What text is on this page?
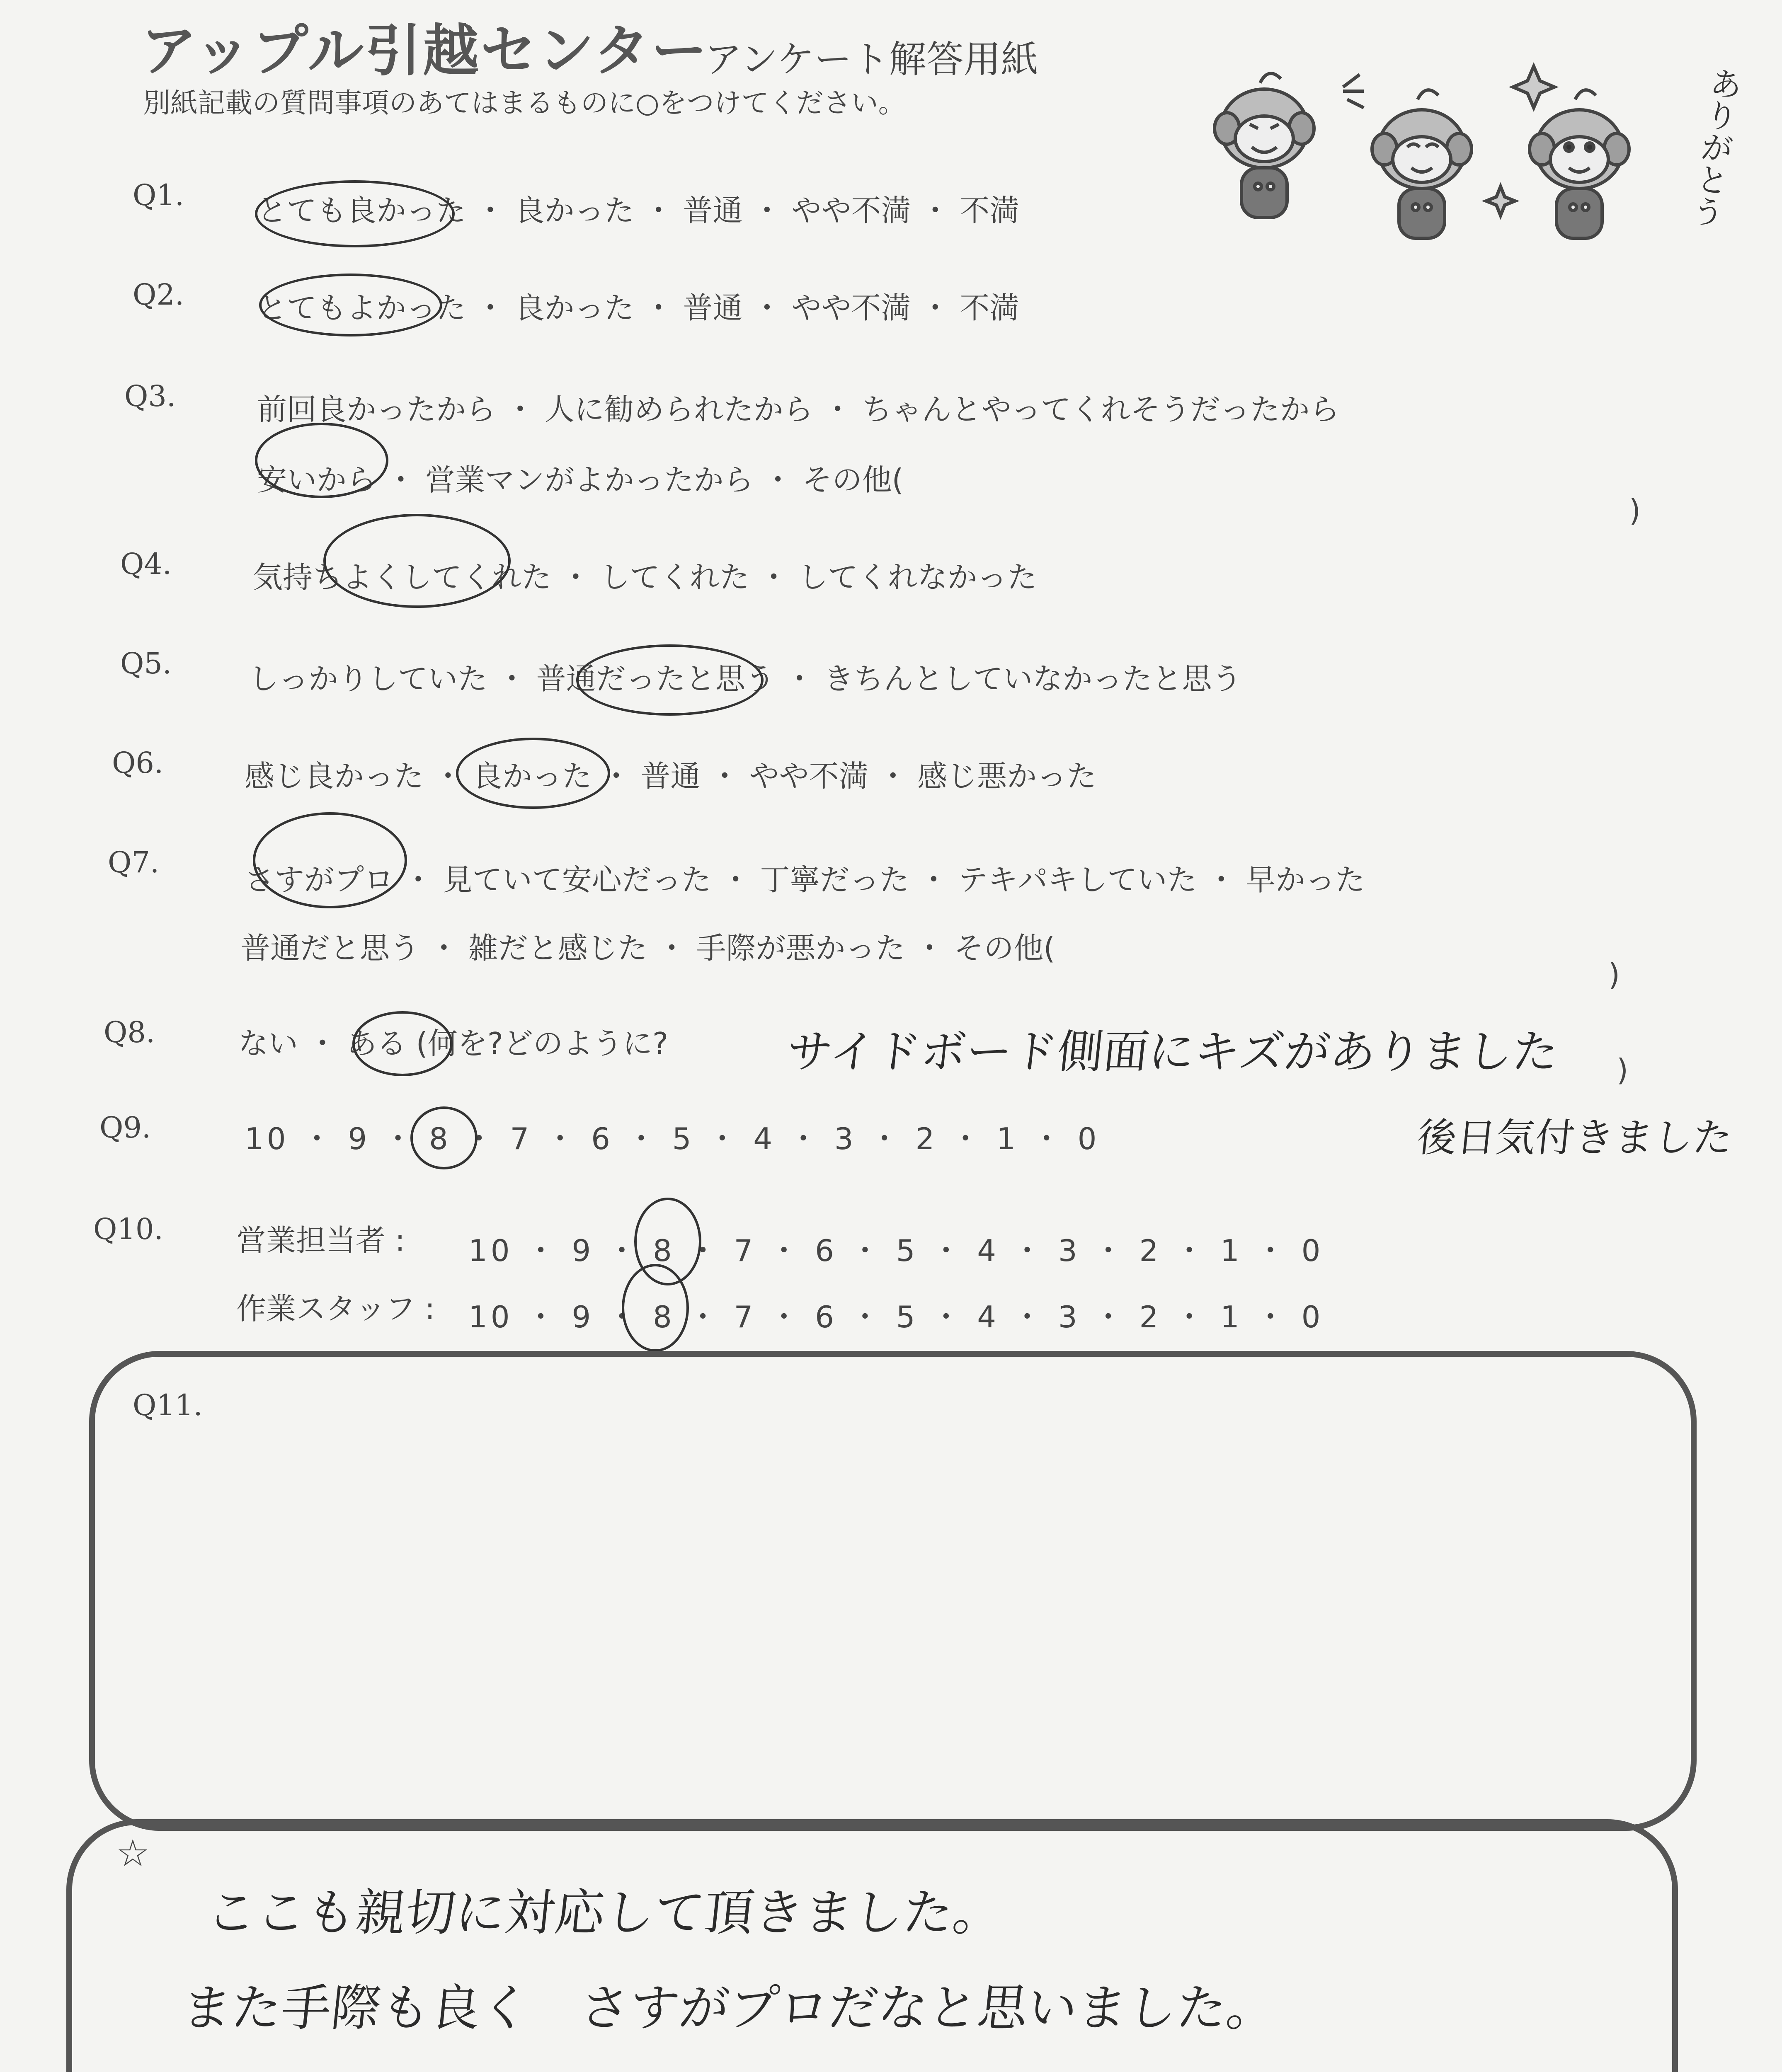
アップル引越センター
アンケート解答用紙
別紙記載の質問事項のあてはまるものに○をつけてください。	ありがとう
Q1. とても良かった ・ 良かった ・ 普通 ・ やや不満 ・ 不満
Q2. とてもよかった ・ 良かった ・ 普通 ・ やや不満 ・ 不満
Q3.	前回良かったから ・ 人に勧められたから ・ ちゃんとやってくれそうだったから
安いから ・ 営業マンがよかったから ・ その他(
)
Q4.	気持ちよくしてくれた ・ してくれた ・ してくれなかった
Q5.	しっかりしていた ・ 普通だったと思う ・ きちんとしていなかったと思う
Q6.	感じ良かった ・ 良かった ・ 普通 ・ やや不満 ・ 感じ悪かった
Q7.	さすがプロ ・ 見ていて安心だった ・ 丁寧だった ・ テキパキしていた ・ 早かった
普通だと思う ・ 雑だと感じた ・ 手際が悪かった ・ その他(
)
Q8.	ない ・ ある (何を?どのように?	サイドボード側面にキズがありました )
後日気付きました
Q9.	10 ・ 9 ・ 8 ・ 7 ・ 6 ・ 5 ・ 4 ・ 3 ・ 2 ・ 1 ・ 0
Q10. 営業担当者 : 10 ・ 9 ・ 8 ・ 7 ・ 6 ・ 5 ・ 4 ・ 3 ・ 2 ・ 1 ・ 0
作業スタッフ : 10 ・ 9 ・ 8 ・ 7 ・ 6 ・ 5 ・ 4 ・ 3 ・ 2 ・ 1 ・ 0
Q11.
☆
ここも親切に対応して頂きました。
また手際も良く　さすがプロだなと思いました。
